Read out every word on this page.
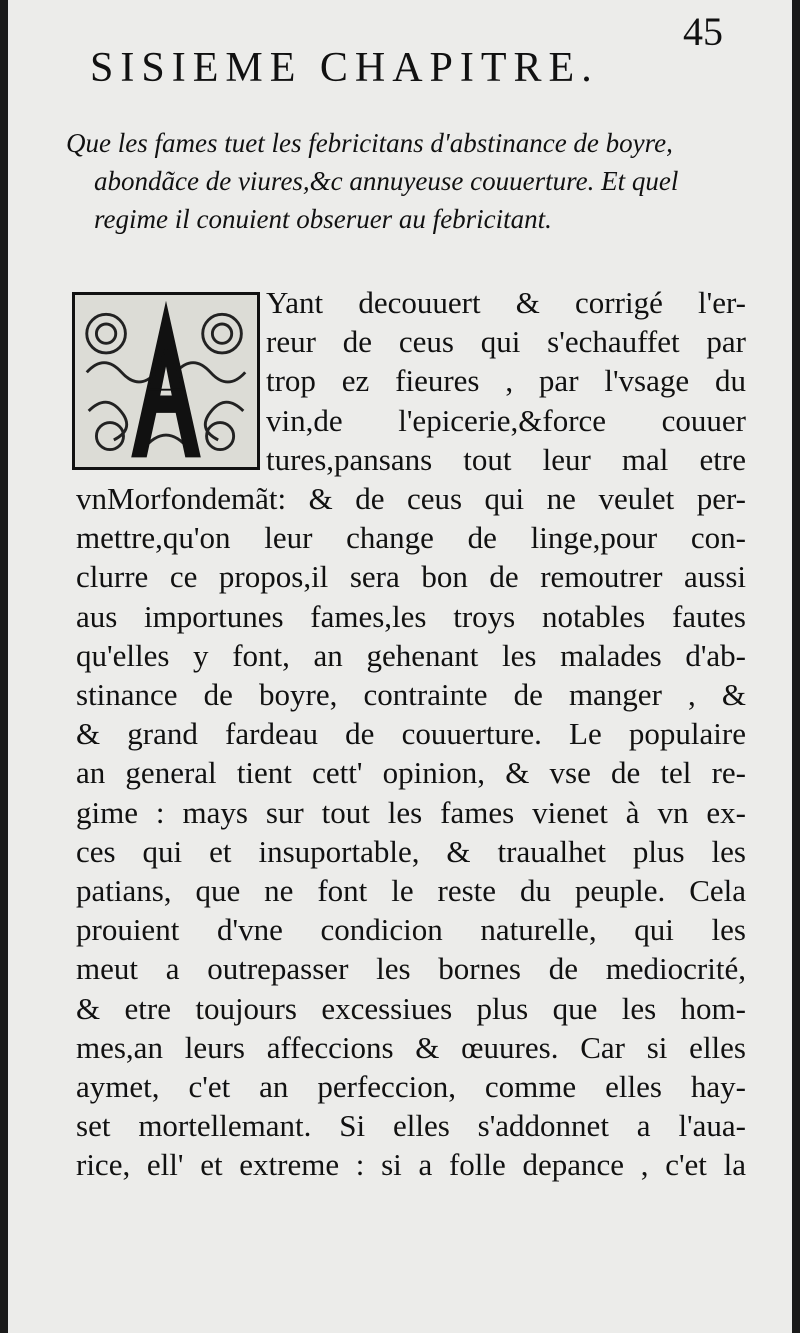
45
SISIEME CHAPITRE.
Que les fames tuet les febricitans d'abstinance de boyre,
abondãce de viures,&c annuyeuse couuerture. Et quel
regime il conuient obseruer au febricitant.
Yant decouuert & corrigé l'er-
reur de ceus qui s'echauffet par
trop ez fieures , par l'vsage du
vin,de l'epicerie,&force couuer
tures,pansans tout leur mal etre
vnMorfondemãt: & de ceus qui ne veulet per-
mettre,qu'on leur change de linge,pour con-
clurre ce propos,il sera bon de remoutrer aussi
aus importunes fames,les troys notables fautes
qu'elles y font, an gehenant les malades d'ab-
stinance de boyre, contrainte de manger , &
& grand fardeau de couuerture. Le populaire
an general tient cett' opinion, & vse de tel re-
gime : mays sur tout les fames vienet à vn ex-
ces qui et insuportable, & traualhet plus les
patians, que ne font le reste du peuple. Cela
prouient d'vne condicion naturelle, qui les
meut a outrepasser les bornes de mediocrité,
& etre toujours excessiues plus que les hom-
mes,an leurs affeccions & œuures. Car si elles
aymet, c'et an perfeccion, comme elles hay-
set mortellemant. Si elles s'addonnet a l'aua-
rice, ell' et extreme : si a folle depance , c'et la
